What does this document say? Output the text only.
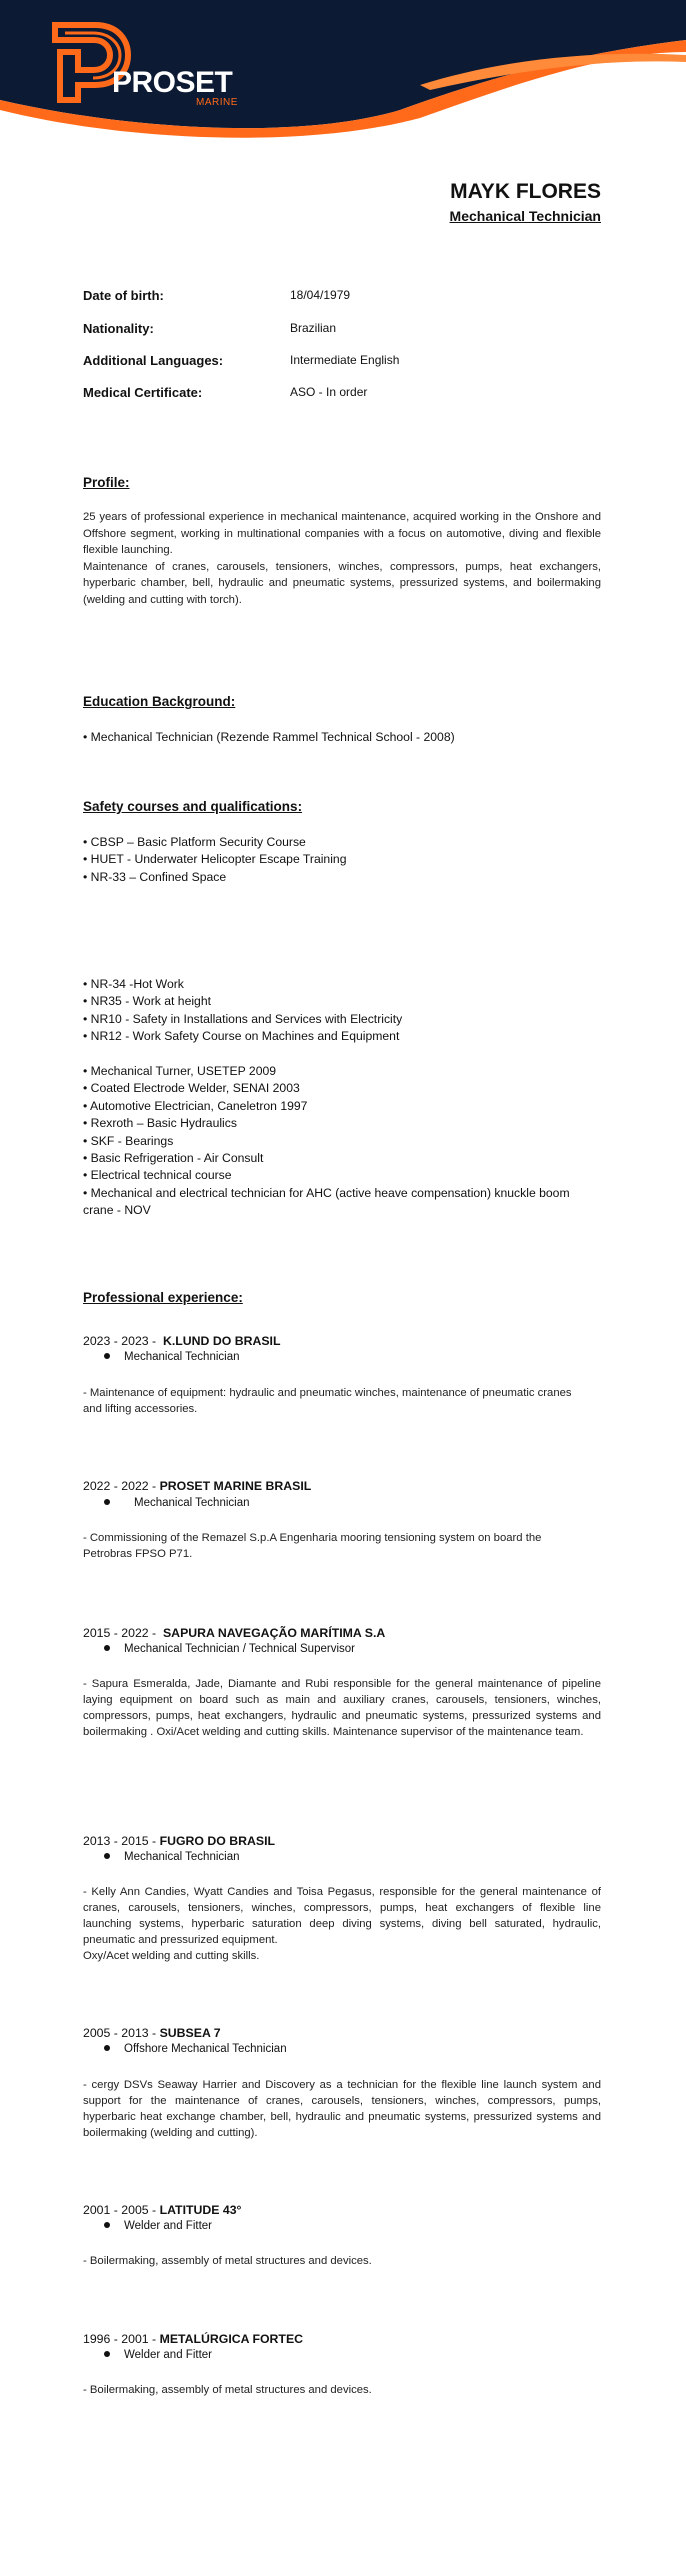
PROSET
MARINE
MAYK FLORES
Mechanical Technician
Date of birth:	18/04/1979
Nationality:	Brazilian
Additional Languages:	Intermediate English
Medical Certificate:	ASO - In order
Profile:
25 years of professional experience in mechanical maintenance, acquired working in the Onshore and Offshore segment, working in multinational companies with a focus on automotive, diving and flexible flexible launching.
Maintenance of cranes, carousels, tensioners, winches, compressors, pumps, heat exchangers, hyperbaric chamber, bell, hydraulic and pneumatic systems, pressurized systems, and boilermaking (welding and cutting with torch).
Education Background:
• Mechanical Technician (Rezende Rammel Technical School - 2008)
Safety courses and qualifications:
• CBSP – Basic Platform Security Course
• HUET - Underwater Helicopter Escape Training
• NR-33 – Confined Space
• NR-34 -Hot Work
• NR35 - Work at height
• NR10 - Safety in Installations and Services with Electricity
• NR12 - Work Safety Course on Machines and Equipment
• Mechanical Turner, USETEP 2009
• Coated Electrode Welder, SENAI 2003
• Automotive Electrician, Caneletron 1997
• Rexroth – Basic Hydraulics
• SKF - Bearings
• Basic Refrigeration - Air Consult
• Electrical technical course
• Mechanical and electrical technician for AHC (active heave compensation) knuckle boom crane - NOV
Professional experience:
2023 - 2023 -  K.LUND DO BRASIL
Mechanical Technician
- Maintenance of equipment: hydraulic and pneumatic winches, maintenance of pneumatic cranes and lifting accessories.
2022 - 2022 - PROSET MARINE BRASIL
Mechanical Technician
- Commissioning of the Remazel S.p.A Engenharia mooring tensioning system on board the Petrobras FPSO P71.
2015 - 2022 -  SAPURA NAVEGAÇÃO MARÍTIMA S.A
Mechanical Technician / Technical Supervisor
- Sapura Esmeralda, Jade, Diamante and Rubi responsible for the general maintenance of pipeline laying equipment on board such as main and auxiliary cranes, carousels, tensioners, winches, compressors, pumps, heat exchangers, hydraulic and pneumatic systems, pressurized systems and boilermaking . Oxi/Acet welding and cutting skills. Maintenance supervisor of the maintenance team.
2013 - 2015 - FUGRO DO BRASIL
Mechanical Technician
- Kelly Ann Candies, Wyatt Candies and Toisa Pegasus, responsible for the general maintenance of cranes, carousels, tensioners, winches, compressors, pumps, heat exchangers of flexible line launching systems, hyperbaric saturation deep diving systems, diving bell saturated, hydraulic, pneumatic and pressurized equipment.
Oxy/Acet welding and cutting skills.
2005 - 2013 - SUBSEA 7
Offshore Mechanical Technician
- cergy DSVs Seaway Harrier and Discovery as a technician for the flexible line launch system and support for the maintenance of cranes, carousels, tensioners, winches, compressors, pumps, hyperbaric heat exchange chamber, bell, hydraulic and pneumatic systems, pressurized systems and boilermaking (welding and cutting).
2001 - 2005 - LATITUDE 43°
Welder and Fitter
- Boilermaking, assembly of metal structures and devices.
1996 - 2001 - METALÚRGICA FORTEC
Welder and Fitter
- Boilermaking, assembly of metal structures and devices.
